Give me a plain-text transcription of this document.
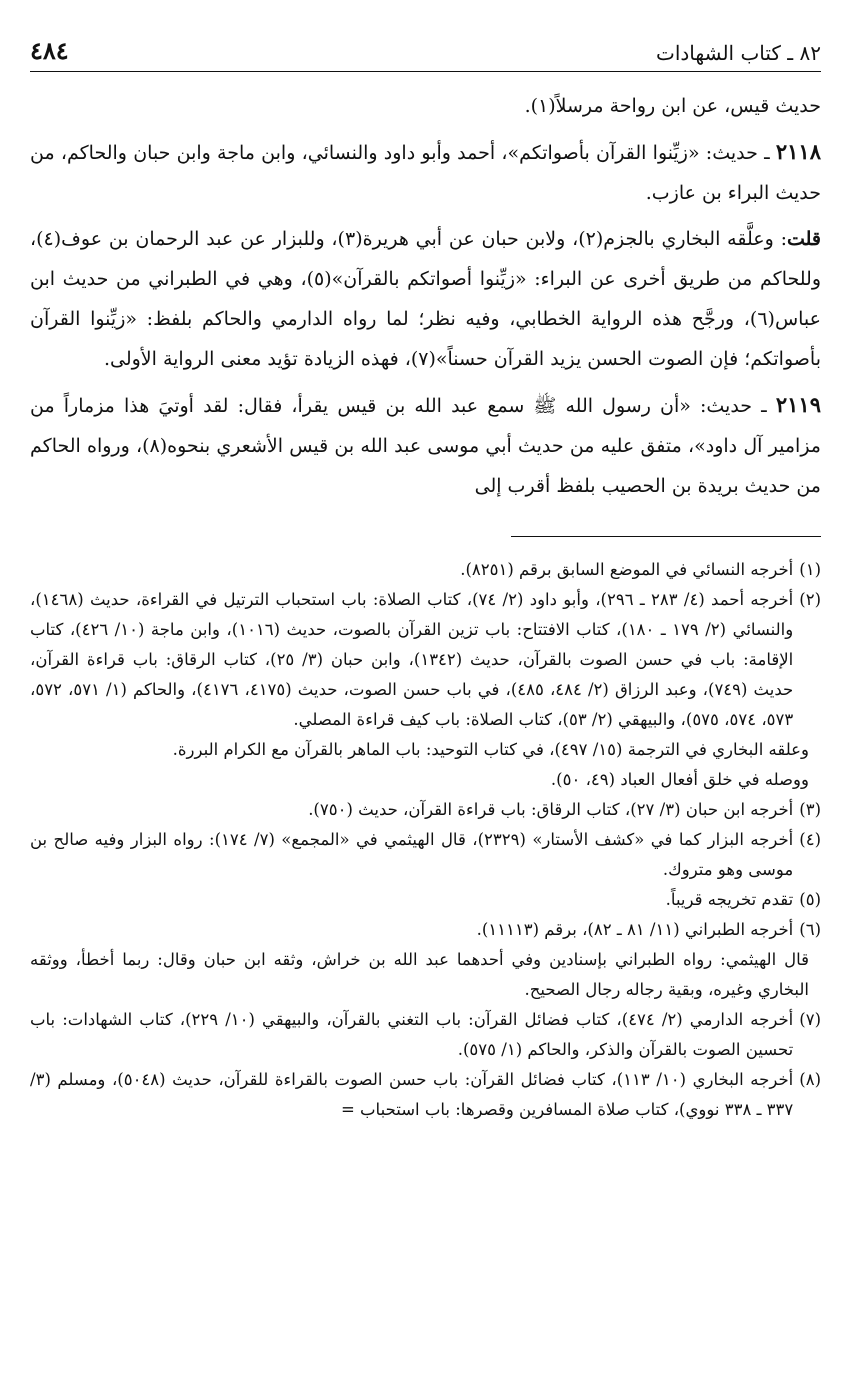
٨٢ ـ كتاب الشهادات
٤٨٤

حديث قيس، عن ابن رواحة مرسلاً(١).

٢١١٨ ـ حديث: «زيِّنوا القرآن بأصواتكم»، أحمد وأبو داود والنسائي، وابن ماجة وابن حبان والحاكم، من حديث البراء بن عازب.

قلت: وعلَّقه البخاري بالجزم(٢)، ولابن حبان عن أبي هريرة(٣)، وللبزار عن عبد الرحمان بن عوف(٤)، وللحاكم من طريق أخرى عن البراء: «زيِّنوا أصواتكم بالقرآن»(٥)، وهي في الطبراني من حديث ابن عباس(٦)، ورجَّح هذه الرواية الخطابي، وفيه نظر؛ لما رواه الدارمي والحاكم بلفظ: «زيِّنوا القرآن بأصواتكم؛ فإن الصوت الحسن يزيد القرآن حسناً»(٧)، فهذه الزيادة تؤيد معنى الرواية الأولى.

٢١١٩ ـ حديث: «أن رسول الله ﷺ سمع عبد الله بن قيس يقرأ، فقال: لقد أوتيَ هذا مزماراً من مزامير آل داود»، متفق عليه من حديث أبي موسى عبد الله بن قيس الأشعري بنحوه(٨)، ورواه الحاكم من حديث بريدة بن الحصيب بلفظ أقرب إلى

(١)
أخرجه النسائي في الموضع السابق برقم (٨٢٥١).
(٢)
أخرجه أحمد (٤/ ٢٨٣ ـ ٢٩٦)، وأبو داود (٢/ ٧٤)، كتاب الصلاة: باب استحباب الترتيل في القراءة، حديث (١٤٦٨)، والنسائي (٢/ ١٧٩ ـ ١٨٠)، كتاب الافتتاح: باب تزين القرآن بالصوت، حديث (١٠١٦)، وابن ماجة (١٠/ ٤٢٦)، كتاب الإقامة: باب في حسن الصوت بالقرآن، حديث (١٣٤٢)، وابن حبان (٣/ ٢٥)، كتاب الرقاق: باب قراءة القرآن، حديث (٧٤٩)، وعبد الرزاق (٢/ ٤٨٤، ٤٨٥)، في باب حسن الصوت، حديث (٤١٧٥، ٤١٧٦)، والحاكم (١/ ٥٧١، ٥٧٢، ٥٧٣، ٥٧٤، ٥٧٥)، والبيهقي (٢/ ٥٣)، كتاب الصلاة: باب كيف قراءة المصلي.
وعلقه البخاري في الترجمة (١٥/ ٤٩٧)، في كتاب التوحيد: باب الماهر بالقرآن مع الكرام البررة.
ووصله في خلق أفعال العباد (٤٩، ٥٠).
(٣)
أخرجه ابن حبان (٣/ ٢٧)، كتاب الرقاق: باب قراءة القرآن، حديث (٧٥٠).
(٤)
أخرجه البزار كما في «كشف الأستار» (٢٣٢٩)، قال الهيثمي في «المجمع» (٧/ ١٧٤): رواه البزار وفيه صالح بن موسى وهو متروك.
(٥)
تقدم تخريجه قريباً.
(٦)
أخرجه الطبراني (١١/ ٨١ ـ ٨٢)، برقم (١١١١٣).
قال الهيثمي: رواه الطبراني بإسنادين وفي أحدهما عبد الله بن خراش، وثقه ابن حبان وقال: ربما أخطأ، ووثقه البخاري وغيره، وبقية رجاله رجال الصحيح.
(٧)
أخرجه الدارمي (٢/ ٤٧٤)، كتاب فضائل القرآن: باب التغني بالقرآن، والبيهقي (١٠/ ٢٢٩)، كتاب الشهادات: باب تحسين الصوت بالقرآن والذكر، والحاكم (١/ ٥٧٥).
(٨)
أخرجه البخاري (١٠/ ١١٣)، كتاب فضائل القرآن: باب حسن الصوت بالقراءة للقرآن، حديث (٥٠٤٨)، ومسلم (٣/ ٣٣٧ ـ ٣٣٨ نووي)، كتاب صلاة المسافرين وقصرها: باب استحباب =
